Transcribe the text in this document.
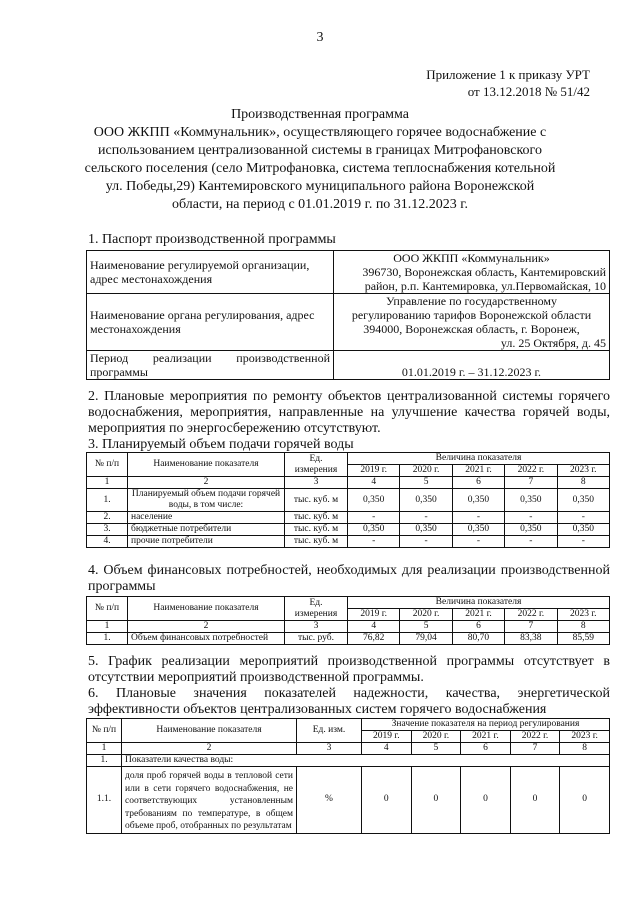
3
Приложение 1 к приказу УРТ
от 13.12.2018 № 51/42
Производственная программа
ООО ЖКПП «Коммунальник», осуществляющего горячее водоснабжение с
использованием централизованной системы в границах Митрофановского
сельского поселения (село Митрофановка, система теплоснабжения котельной
ул. Победы,29) Кантемировского муниципального района Воронежской
области, на период с 01.01.2019 г. по 31.12.2023 г.
1. Паспорт производственной программы
Наименование регулируемой организации, адрес местонахождения	ООО ЖКПП «Коммунальник»
396730, Воронежская область, Кантемировский
район, р.п. Кантемировка, ул.Первомайская, 10

Наименование органа регулирования, адрес местонахождения	Управление по государственному
регулированию тарифов Воронежской области
394000, Воронежская область, г. Воронеж,
ул. 25 Октября, д. 45

Период реализации производственной программы	01.01.2019 г. – 31.12.2023 г.
2. Плановые мероприятия по ремонту объектов централизованной системы горячего водоснабжения, мероприятия, направленные на улучшение качества горячей воды, мероприятия по энергосбережению отсутствуют.
3. Планируемый объем подачи горячей воды
№ п/п	Наименование показателя	Ед. измерения	Величина показателя				
			2019 г.	2020 г.	2021 г.	2022 г.	2023 г.
1	2	3	4	5	6	7	8
1.	Планируемый объем подачи горячей воды, в том числе:	тыс. куб. м	0,350	0,350	0,350	0,350	0,350
2.	население	тыс. куб. м	-	-	-	-	-
3.	бюджетные потребители	тыс. куб. м	0,350	0,350	0,350	0,350	0,350
4.	прочие потребители	тыс. куб. м	-	-	-	-	-
4. Объем финансовых потребностей, необходимых для реализации производственной программы
№ п/п	Наименование показателя	Ед. измерения	Величина показателя				
			2019 г.	2020 г.	2021 г.	2022 г.	2023 г.
1	2	3	4	5	6	7	8
1.	Объем финансовых потребностей	тыс. руб.	76,82	79,04	80,70	83,38	85,59
5. График реализации мероприятий производственной программы отсутствует в отсутствии мероприятий производственной программы.
6. Плановые значения показателей надежности, качества, энергетической эффективности объектов централизованных систем горячего водоснабжения
№ п/п	Наименование показателя	Ед. изм.	Значение показателя на период регулирования				
			2019 г.	2020 г.	2021 г.	2022 г.	2023 г.
1	2	3	4	5	6	7	8
1.	Показатели качества воды:						
1.1.	доля проб горячей воды в тепловой сети или в сети горячего водоснабжения, не соответствующих установленным требованиям по температуре, в общем объеме проб, отобранных по результатам	%	0	0	0	0	0
